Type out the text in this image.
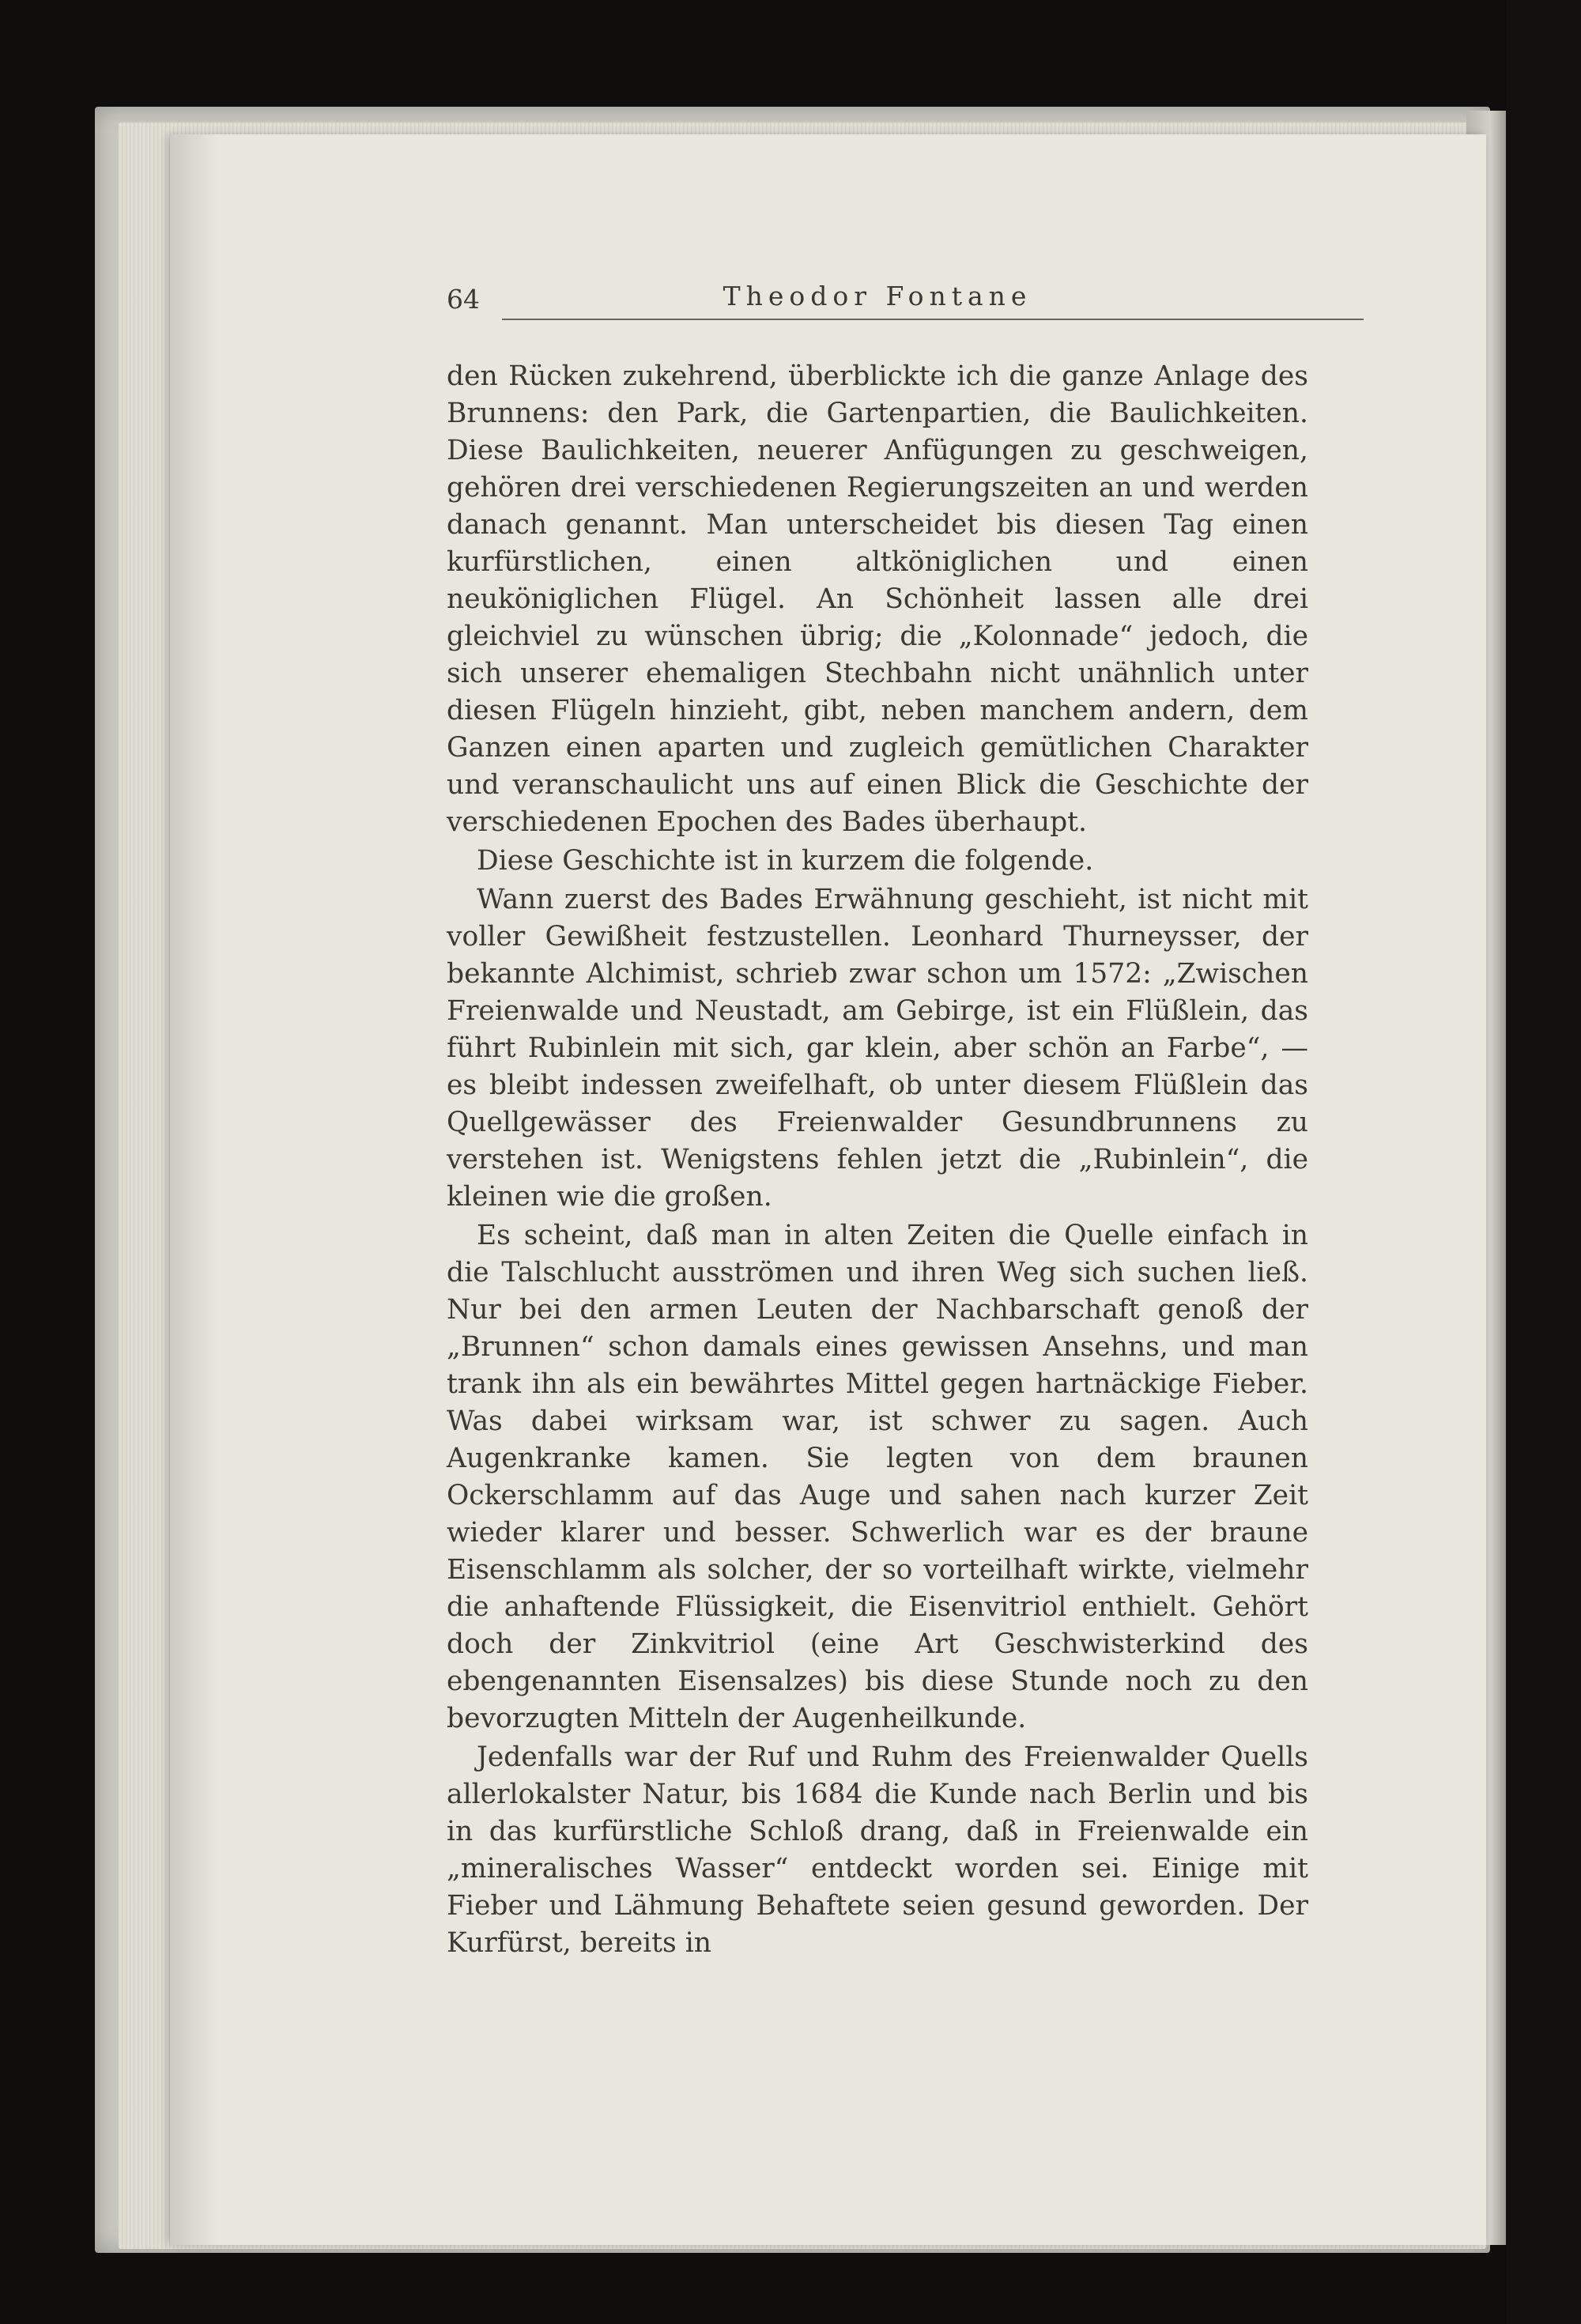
64	Theodor Fontane

den Rücken zukehrend, überblickte ich die ganze Anlage des Brunnens: den Park, die Gartenpartien, die Baulichkeiten. Diese Baulichkeiten, neuerer Anfügungen zu geschweigen, gehören drei verschiedenen Regierungszeiten an und werden danach genannt. Man unterscheidet bis diesen Tag einen kurfürstlichen, einen altköniglichen und einen neuköniglichen Flügel. An Schönheit lassen alle drei gleichviel zu wünschen übrig; die „Kolonnade“ jedoch, die sich unserer ehemaligen Stechbahn nicht unähnlich unter diesen Flügeln hinzieht, gibt, neben manchem andern, dem Ganzen einen aparten und zugleich gemütlichen Charakter und veranschaulicht uns auf einen Blick die Geschichte der verschiedenen Epochen des Bades überhaupt.

Diese Geschichte ist in kurzem die folgende.

Wann zuerst des Bades Erwähnung geschieht, ist nicht mit voller Gewißheit festzustellen. Leonhard Thurneysser, der bekannte Alchimist, schrieb zwar schon um 1572: „Zwischen Freienwalde und Neustadt, am Gebirge, ist ein Flüßlein, das führt Rubinlein mit sich, gar klein, aber schön an Farbe“, — es bleibt indessen zweifelhaft, ob unter diesem Flüßlein das Quellgewässer des Freienwalder Gesundbrunnens zu verstehen ist. Wenigstens fehlen jetzt die „Rubinlein“, die kleinen wie die großen.

Es scheint, daß man in alten Zeiten die Quelle einfach in die Talschlucht ausströmen und ihren Weg sich suchen ließ. Nur bei den armen Leuten der Nachbarschaft genoß der „Brunnen“ schon damals eines gewissen Ansehns, und man trank ihn als ein bewährtes Mittel gegen hartnäckige Fieber. Was dabei wirksam war, ist schwer zu sagen. Auch Augenkranke kamen. Sie legten von dem braunen Ockerschlamm auf das Auge und sahen nach kurzer Zeit wieder klarer und besser. Schwerlich war es der braune Eisenschlamm als solcher, der so vorteilhaft wirkte, vielmehr die anhaftende Flüssigkeit, die Eisenvitriol enthielt. Gehört doch der Zinkvitriol (eine Art Geschwisterkind des ebengenannten Eisensalzes) bis diese Stunde noch zu den bevorzugten Mitteln der Augenheilkunde.

Jedenfalls war der Ruf und Ruhm des Freienwalder Quells allerlokalster Natur, bis 1684 die Kunde nach Berlin und bis in das kurfürstliche Schloß drang, daß in Freienwalde ein „mineralisches Wasser“ entdeckt worden sei. Einige mit Fieber und Lähmung Behaftete seien gesund geworden. Der Kurfürst, bereits in
